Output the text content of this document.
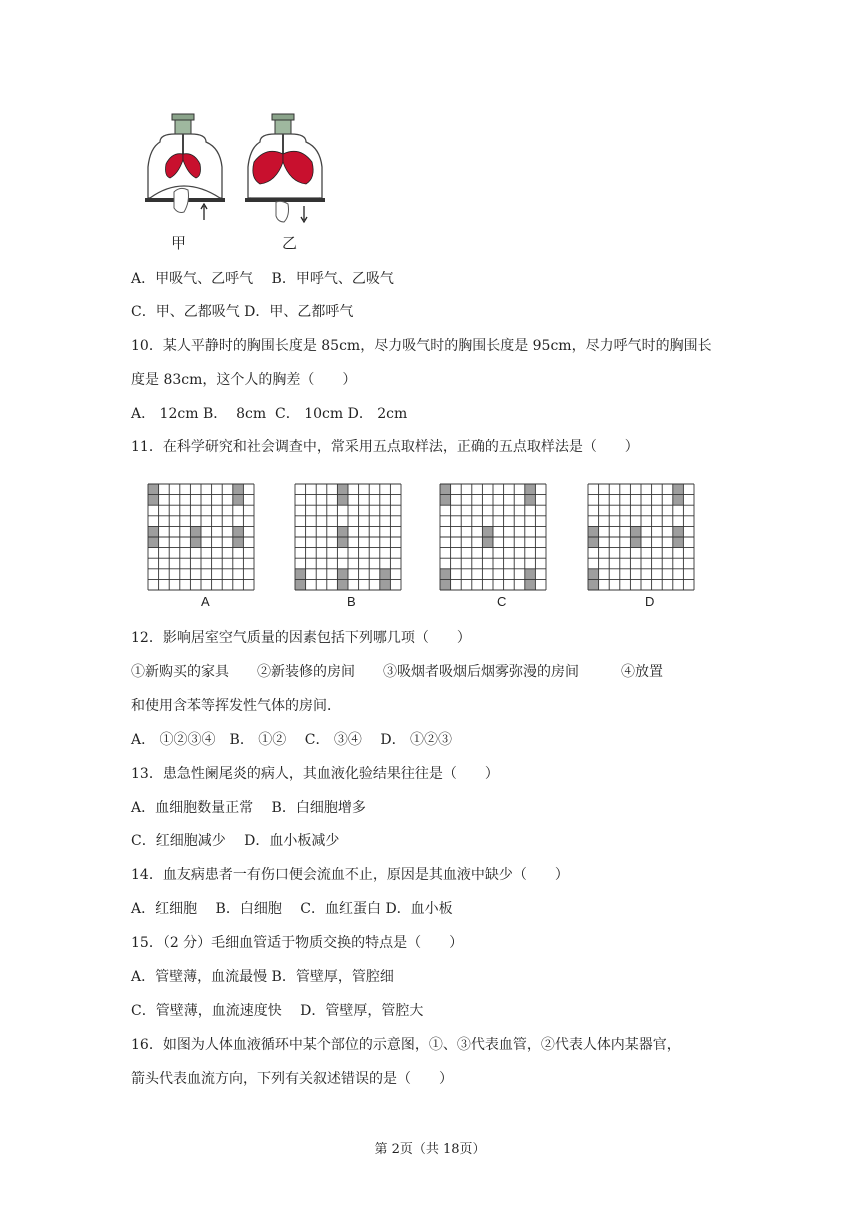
甲	乙
A．甲吸气、乙呼气　 B．甲呼气、乙吸气
C．甲、乙都吸气 D．甲、乙都呼气
10．某人平静时的胸围长度是 85cm，尽力吸气时的胸围长度是 95cm，尽力呼气时的胸围长
度是 83cm，这个人的胸差（　　）
A． 12cm B．  8cm  C． 10cm D． 2cm
11．在科学研究和社会调查中，常采用五点取样法，正确的五点取样法是（　　）
A	B	C	D
12．影响居室空气质量的因素包括下列哪几项（　　）
①新购买的家具　　②新装修的房间　　③吸烟者吸烟后烟雾弥漫的房间　　　④放置
和使用含苯等挥发性气体的房间．
A． ①②③④　B． ①②　 C． ③④　 D． ①②③
13．患急性阑尾炎的病人，其血液化验结果往往是（　　）
A．血细胞数量正常　 B．白细胞增多
C．红细胞减少　 D．血小板减少
14．血友病患者一有伤口便会流血不止，原因是其血液中缺少（　　）
A．红细胞　 B．白细胞　 C．血红蛋白 D．血小板
15．（2 分）毛细血管适于物质交换的特点是（　　）
A．管壁薄，血流最慢 B．管壁厚，管腔细
C．管壁薄，血流速度快　 D．管壁厚，管腔大
16．如图为人体血液循环中某个部位的示意图，①、③代表血管，②代表人体内某器官，
箭头代表血流方向，下列有关叙述错误的是（　　）
第 2页（共 18页）
